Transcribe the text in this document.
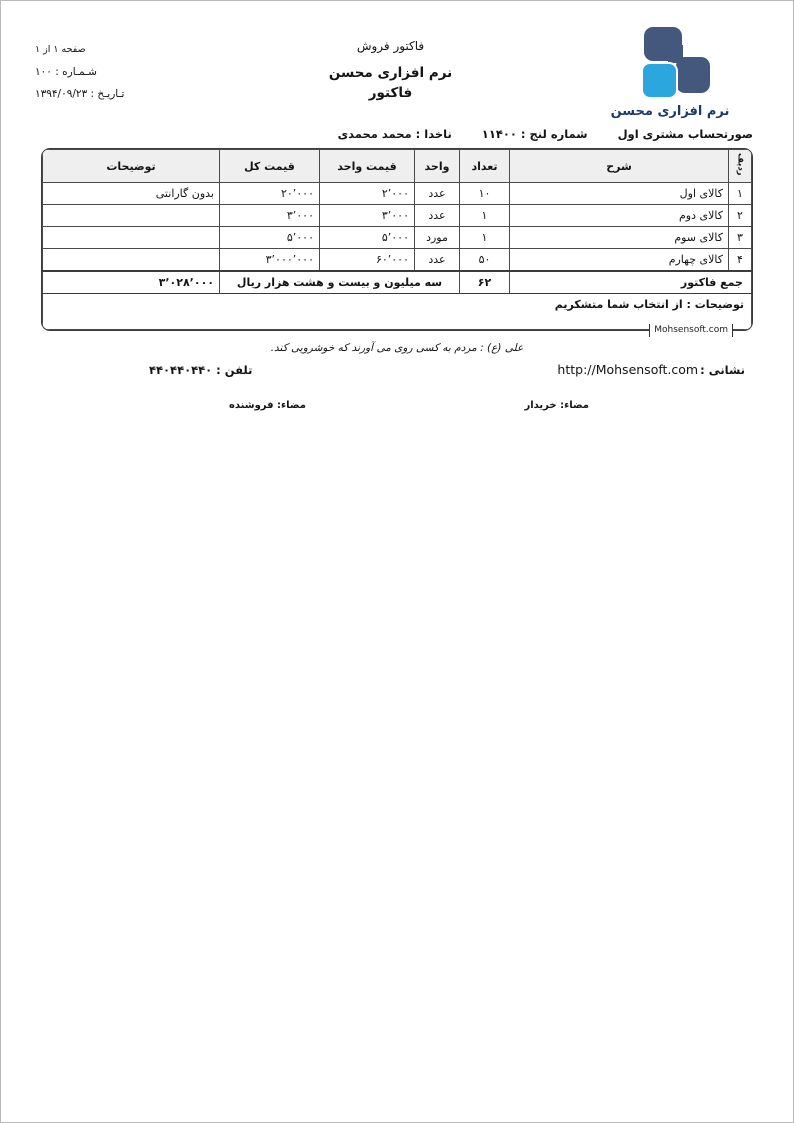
نرم افزاری محسن
فاکتور فروش
نرم افزاری محسن
فاکتور
صفحه ۱ از ۱
شـمـاره : ۱۰۰
تـاریـخ : ۱۳۹۴/۰۹/۲۳
صورتحساب مشتری اول
شماره لنج : ۱۱۴۰۰
ناخدا : محمد محمدی
ردیف	شرح	تعداد	واحد	قیمت واحد	قیمت کل	توضیحات
۱	کالای اول	۱۰	عدد	۲٬۰۰۰	۲۰٬۰۰۰	بدون گارانتی
۲	کالای دوم	۱	عدد	۳٬۰۰۰	۳٬۰۰۰	
۳	کالای سوم	۱	مورد	۵٬۰۰۰	۵٬۰۰۰	
۴	کالای چهارم	۵۰	عدد	۶۰٬۰۰۰	۳٬۰۰۰٬۰۰۰	
جمع فاکتور		۶۲	سه میلیون و بیست و هشت هزار ریال			۳٬۰۲۸٬۰۰۰
توضیحات : از انتخاب شما متشکریم						
Mohsensoft.com
علی (ع) : مردم به کسی روی می آورند که خوشرویی کند.
نشانی :
http://Mohsensoft.com
تلفن : ۴۴۰۴۴۰۴۴۰
مضاء: خریدار
مضاء: فروشنده
